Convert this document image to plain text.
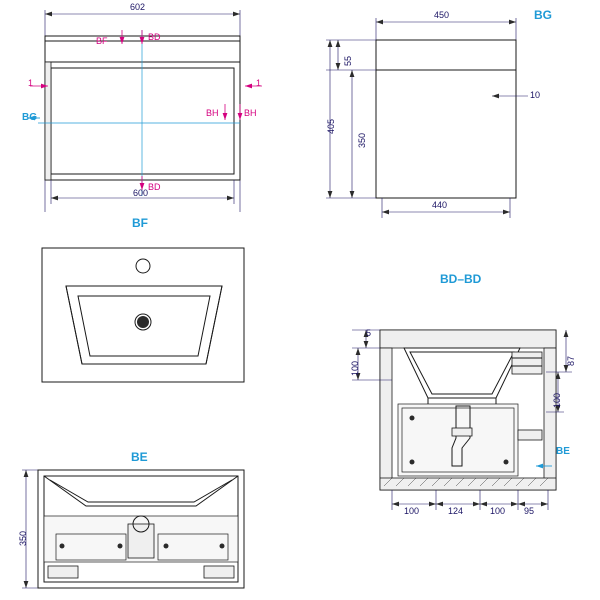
602
600
BF	BD
BD
BH	BH
1	1
BG
BF
BG
450
440
10
55
350
405
BE
350
BD–BD
BE
5
100
100
87
100	124	100 95
